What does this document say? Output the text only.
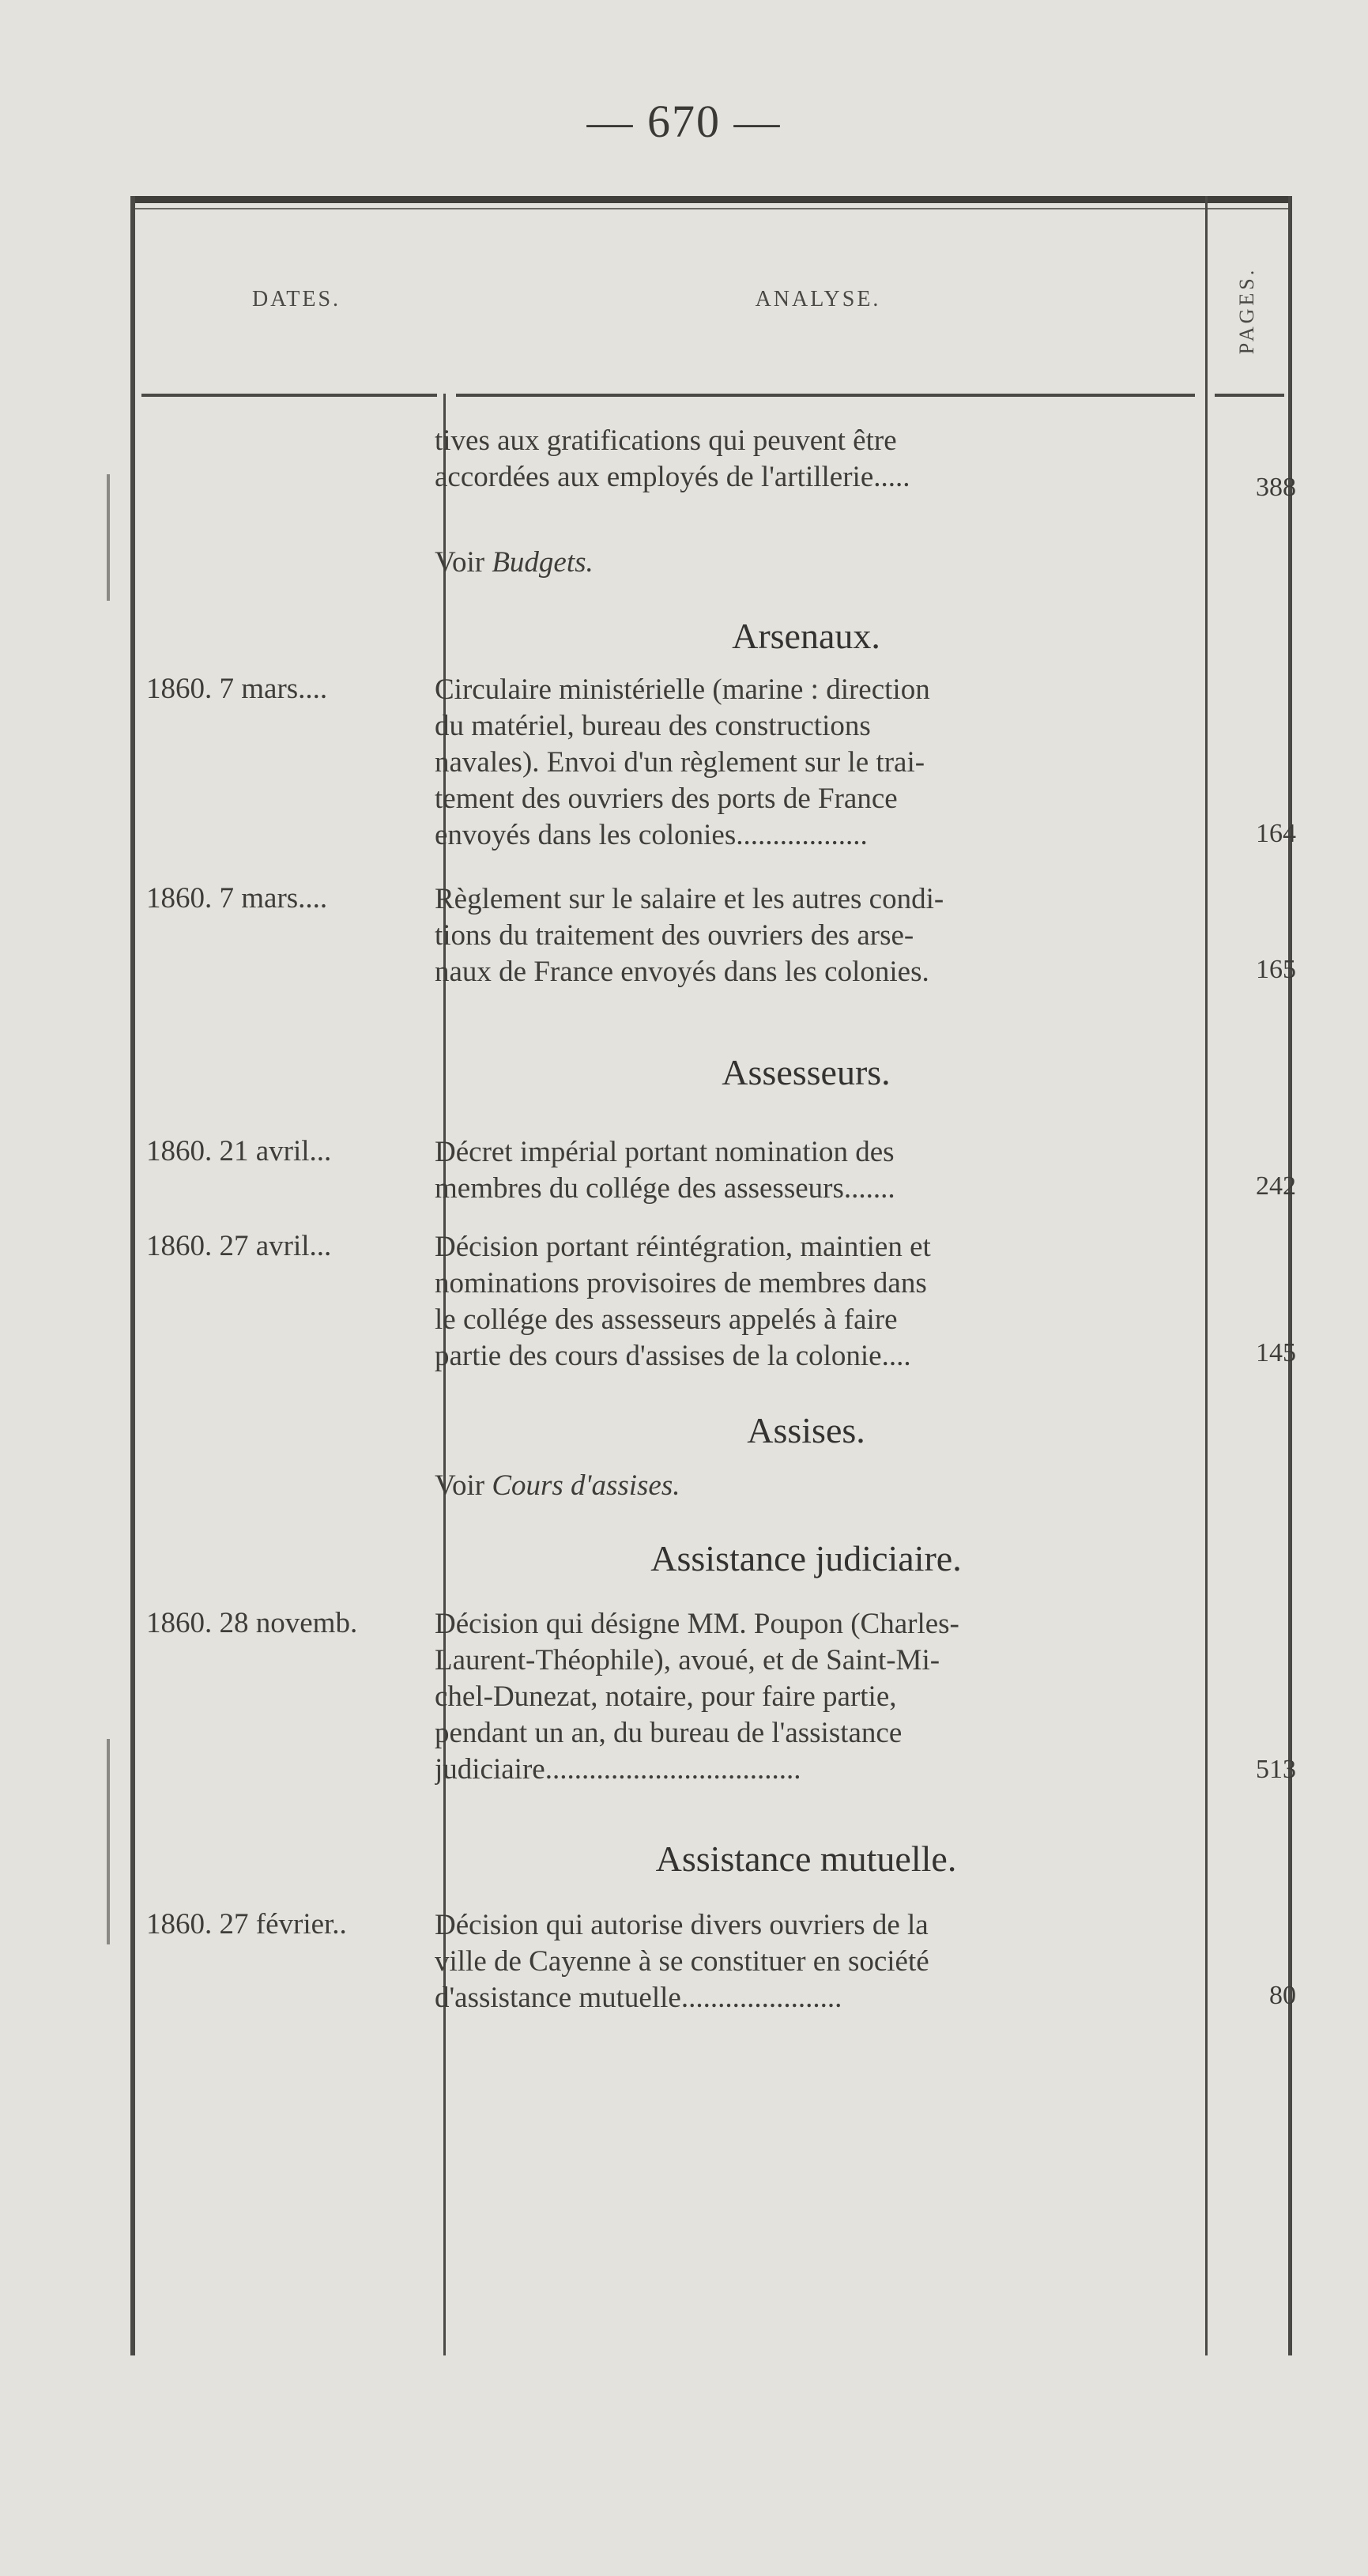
— 670 —
DATES.	ANALYSE.	PAGES.
tives aux gratifications qui peuvent être
accordées aux employés de l'artillerie.....	388
Voir Budgets.
Arsenaux.
1860. 7 mars....	Circulaire ministérielle (marine : direction
du matériel, bureau des constructions
navales). Envoi d'un règlement sur le trai-
tement des ouvriers des ports de France
envoyés dans les colonies..................	164
1860. 7 mars....	Règlement sur le salaire et les autres condi-
tions du traitement des ouvriers des arse-
naux de France envoyés dans les colonies.	165
Assesseurs.
1860. 21 avril...	Décret impérial portant nomination des
membres du collége des assesseurs.......	242
1860. 27 avril...	Décision portant réintégration, maintien et
nominations provisoires de membres dans
le collége des assesseurs appelés à faire
partie des cours d'assises de la colonie....	145
Assises.
Voir Cours d'assises.
Assistance judiciaire.
1860. 28 novemb.	Décision qui désigne MM. Poupon (Charles-
Laurent-Théophile), avoué, et de Saint-Mi-
chel-Dunezat, notaire, pour faire partie,
pendant un an, du bureau de l'assistance
judiciaire...................................	513
Assistance mutuelle.
1860. 27 février..	Décision qui autorise divers ouvriers de la
ville de Cayenne à se constituer en société
d'assistance mutuelle......................	80
